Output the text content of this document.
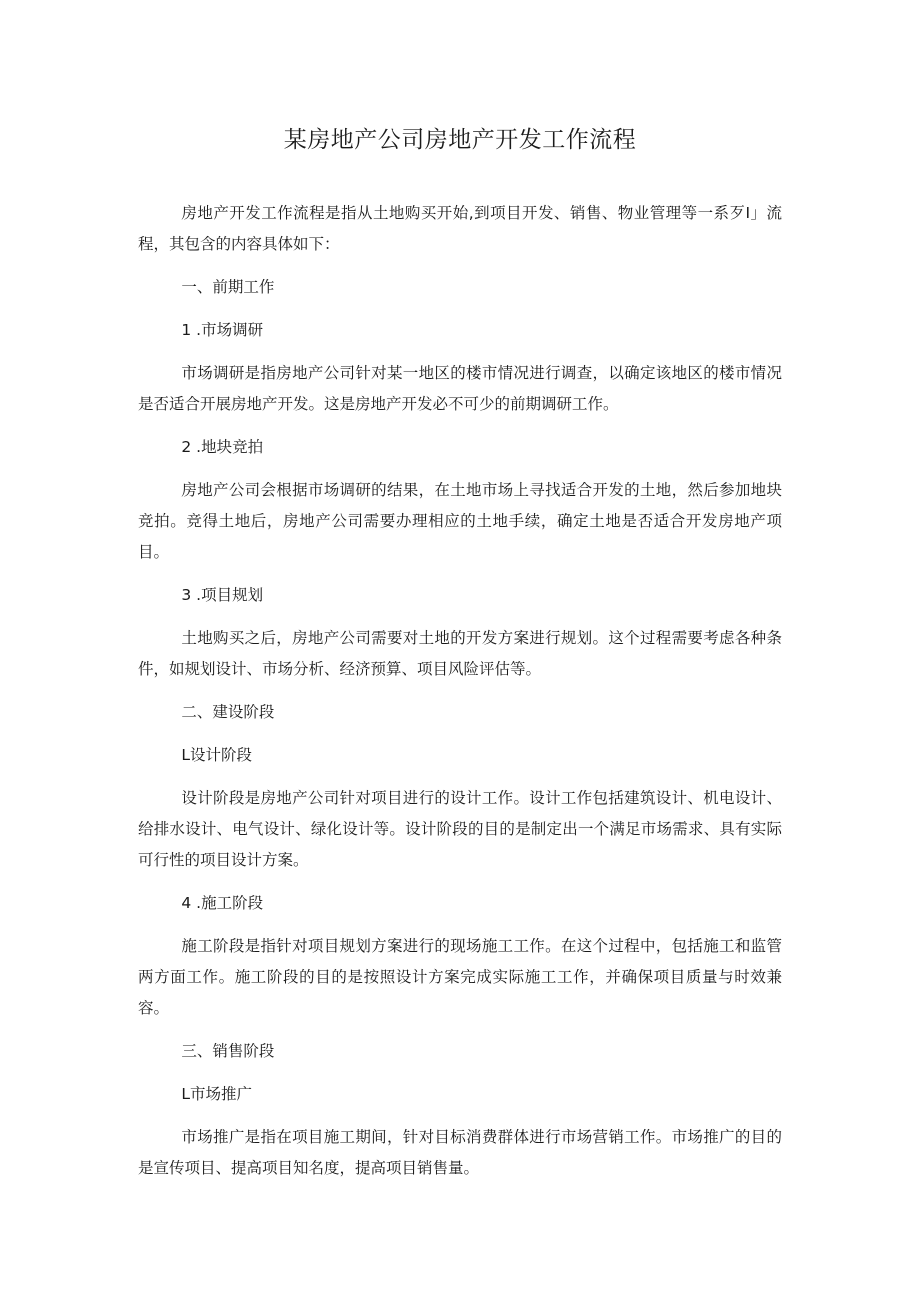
某房地产公司房地产开发工作流程

房地产开发工作流程是指从土地购买开始,到项目开发、销售、物业管理等一系歹I」流程，其包含的内容具体如下：

一、前期工作

1 .市场调研

市场调研是指房地产公司针对某一地区的楼市情况进行调查，以确定该地区的楼市情况是否适合开展房地产开发。这是房地产开发必不可少的前期调研工作。

2 .地块竞拍

房地产公司会根据市场调研的结果，在土地市场上寻找适合开发的土地，然后参加地块竞拍。竞得土地后，房地产公司需要办理相应的土地手续，确定土地是否适合开发房地产项目。

3 .项目规划

土地购买之后，房地产公司需要对土地的开发方案进行规划。这个过程需要考虑各种条件，如规划设计、市场分析、经济预算、项目风险评估等。

二、建设阶段

L设计阶段

设计阶段是房地产公司针对项目进行的设计工作。设计工作包括建筑设计、机电设计、给排水设计、电气设计、绿化设计等。设计阶段的目的是制定出一个满足市场需求、具有实际可行性的项目设计方案。

4 .施工阶段

施工阶段是指针对项目规划方案进行的现场施工工作。在这个过程中，包括施工和监管两方面工作。施工阶段的目的是按照设计方案完成实际施工工作，并确保项目质量与时效兼容。

三、销售阶段

L市场推广

市场推广是指在项目施工期间，针对目标消费群体进行市场营销工作。市场推广的目的是宣传项目、提高项目知名度，提高项目销售量。
